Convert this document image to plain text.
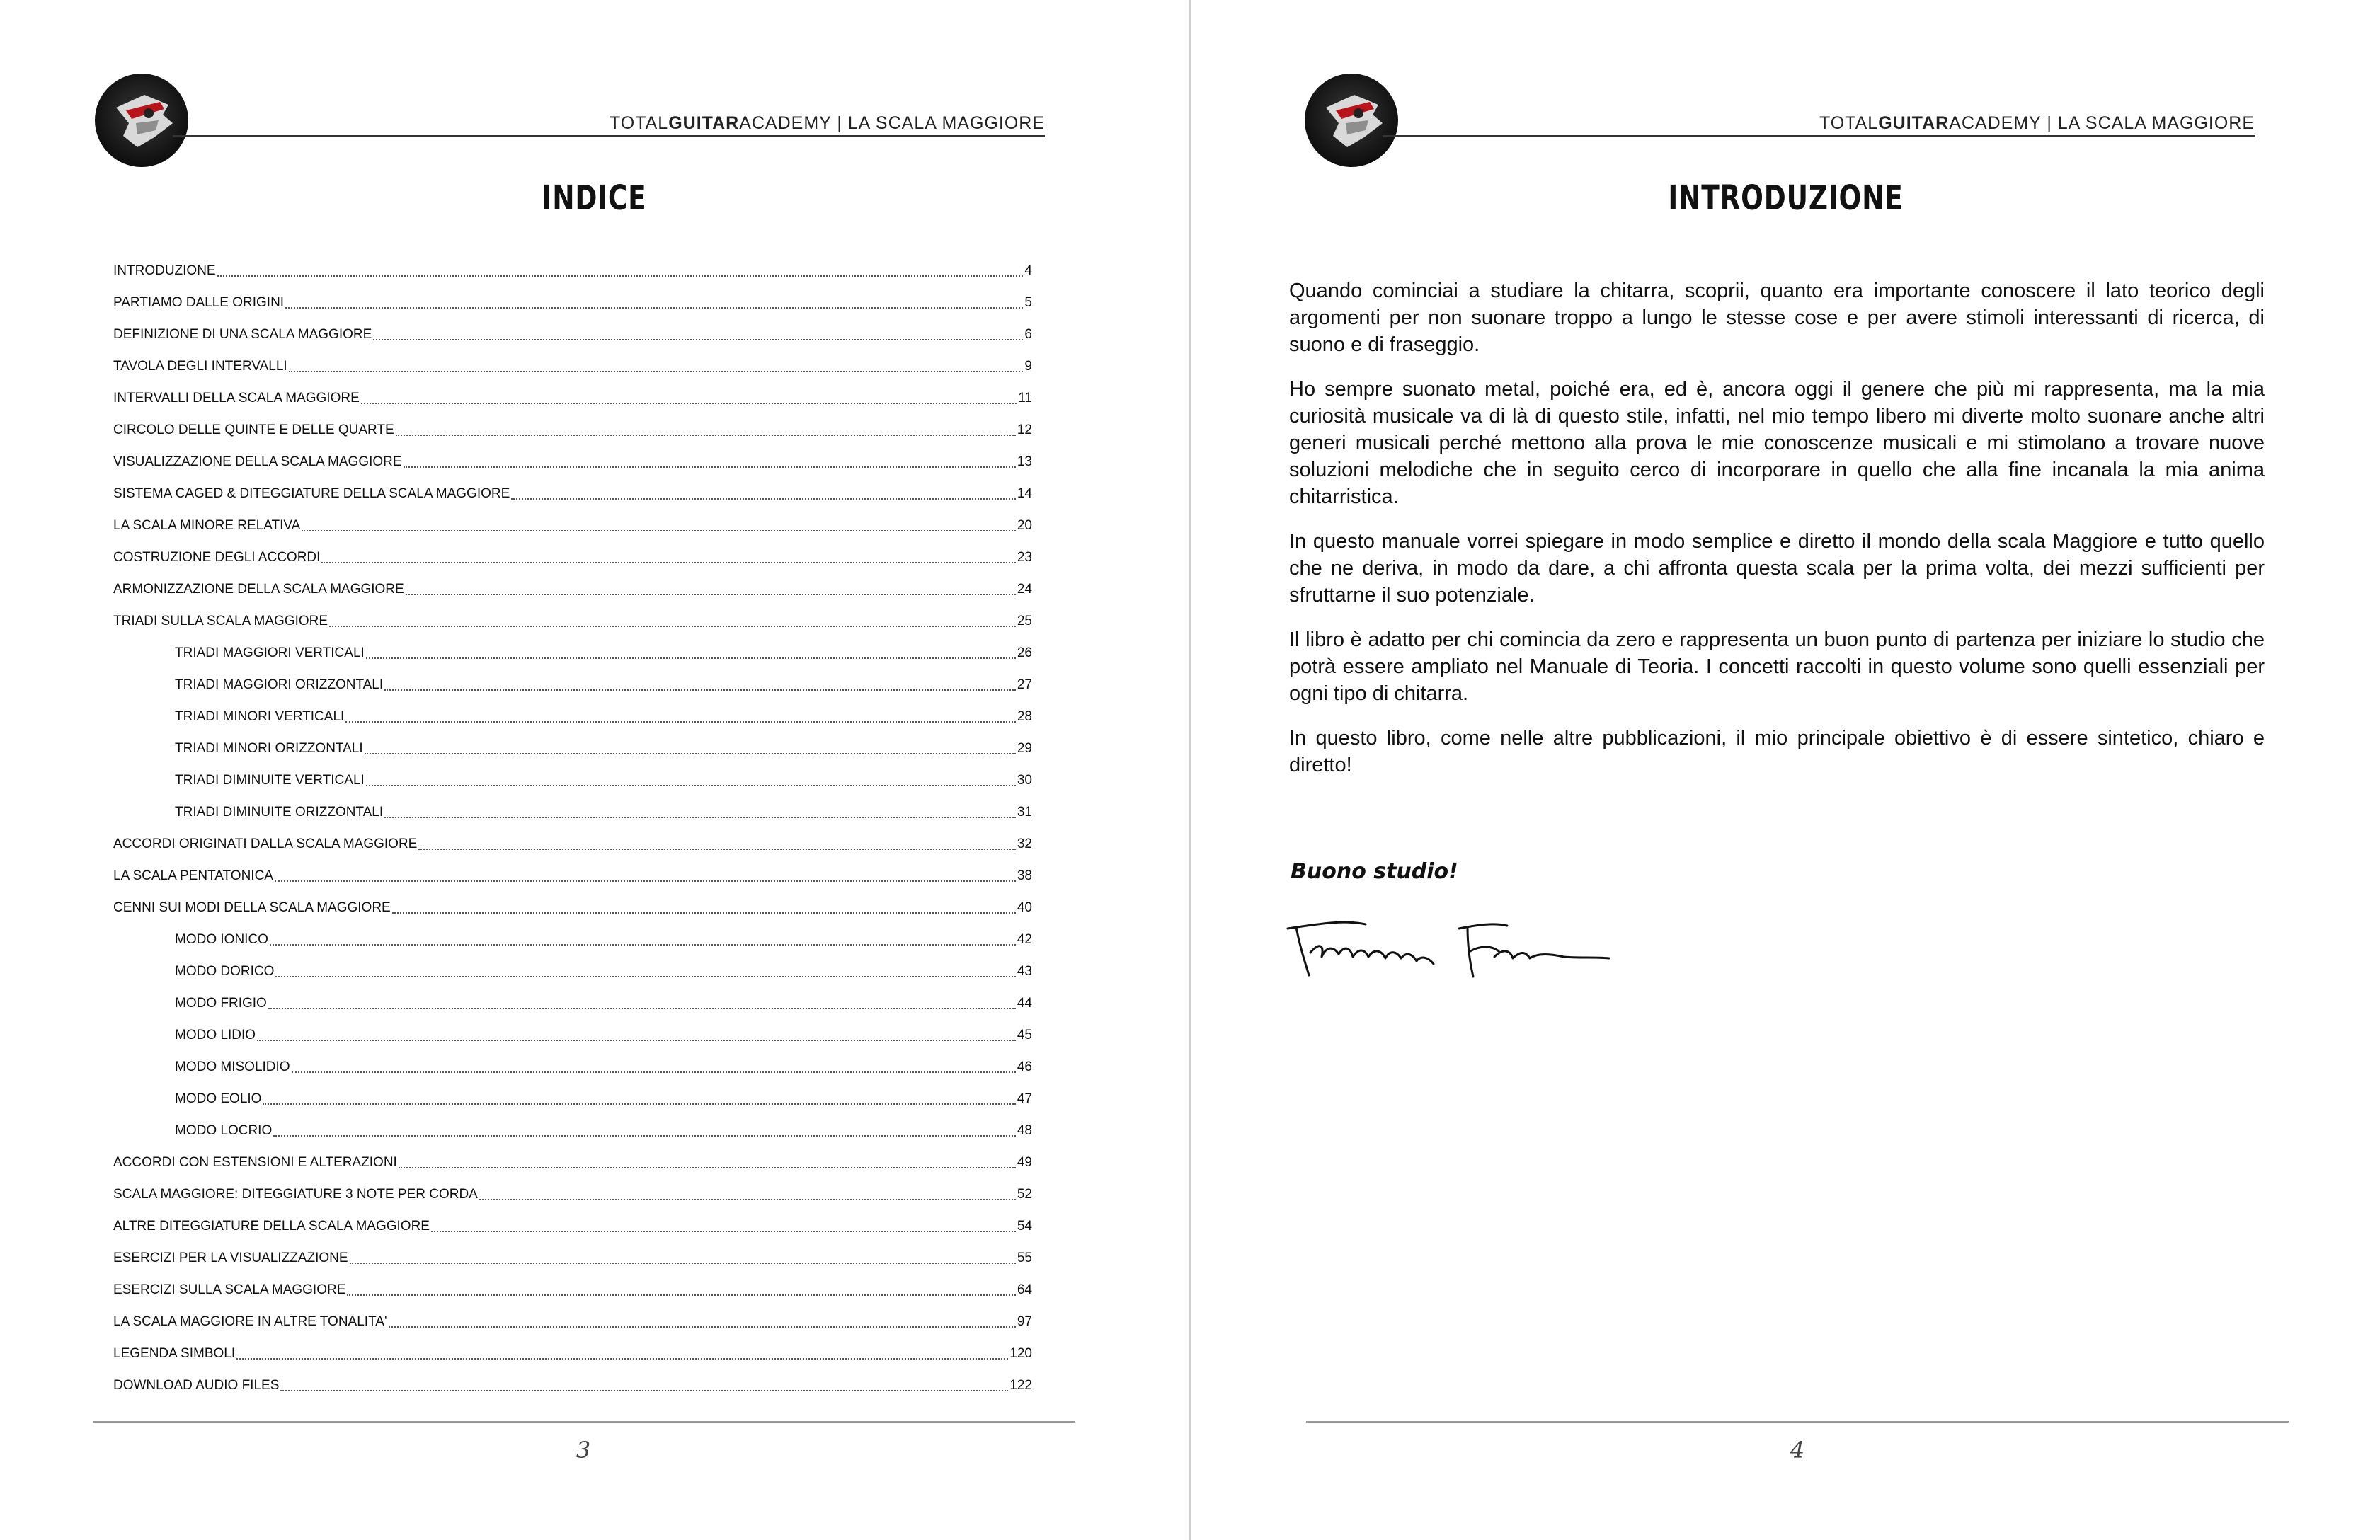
TOTALGUITARACADEMY | LA SCALA MAGGIORE
INDICE
INTRODUZIONE	4
PARTIAMO DALLE ORIGINI	5
DEFINIZIONE DI UNA SCALA MAGGIORE	6
TAVOLA DEGLI INTERVALLI	9
INTERVALLI DELLA SCALA MAGGIORE	11
CIRCOLO DELLE QUINTE E DELLE QUARTE	12
VISUALIZZAZIONE DELLA SCALA MAGGIORE	13
SISTEMA CAGED & DITEGGIATURE DELLA SCALA MAGGIORE	14
LA SCALA MINORE RELATIVA	20
COSTRUZIONE DEGLI ACCORDI	23
ARMONIZZAZIONE DELLA SCALA MAGGIORE	24
TRIADI SULLA SCALA MAGGIORE	25
TRIADI MAGGIORI VERTICALI	26
TRIADI MAGGIORI ORIZZONTALI	27
TRIADI MINORI VERTICALI	28
TRIADI MINORI ORIZZONTALI	29
TRIADI DIMINUITE VERTICALI	30
TRIADI DIMINUITE ORIZZONTALI	31
ACCORDI ORIGINATI DALLA SCALA MAGGIORE	32
LA SCALA PENTATONICA	38
CENNI SUI MODI DELLA SCALA MAGGIORE	40
MODO IONICO	42
MODO DORICO	43
MODO FRIGIO	44
MODO LIDIO	45
MODO MISOLIDIO	46
MODO EOLIO	47
MODO LOCRIO	48
ACCORDI CON ESTENSIONI E ALTERAZIONI	49
SCALA MAGGIORE: DITEGGIATURE 3 NOTE PER CORDA	52
ALTRE DITEGGIATURE DELLA SCALA MAGGIORE	54
ESERCIZI PER LA VISUALIZZAZIONE	55
ESERCIZI SULLA SCALA MAGGIORE	64
LA SCALA MAGGIORE IN ALTRE TONALITA'	97
LEGENDA SIMBOLI	120
DOWNLOAD AUDIO FILES	122
3
TOTALGUITARACADEMY | LA SCALA MAGGIORE
INTRODUZIONE

Quando cominciai a studiare la chitarra, scoprii, quanto era importante conoscere il lato teorico degli argomenti per non suonare troppo a lungo le stesse cose e per avere stimoli interessanti di ricerca, di suono e di fraseggio.

Ho sempre suonato metal, poiché era, ed è, ancora oggi il genere che più mi rappresenta, ma la mia curiosità musicale va di là di questo stile, infatti, nel mio tempo libero mi diverte molto suonare anche altri generi musicali perché mettono alla prova le mie conoscenze musicali e mi stimolano a trovare nuove soluzioni melodiche che in seguito cerco di incorporare in quello che alla fine incanala la mia anima chitarristica.

In questo manuale vorrei spiegare in modo semplice e diretto il mondo della scala Maggiore e tutto quello che ne deriva, in modo da dare, a chi affronta questa scala per la prima volta, dei mezzi sufficienti per sfruttarne il suo potenziale.

Il libro è adatto per chi comincia da zero e rappresenta un buon punto di partenza per iniziare lo studio che potrà essere ampliato nel Manuale di Teoria. I concetti raccolti in questo volume sono quelli essenziali per ogni tipo di chitarra.

In questo libro, come nelle altre pubblicazioni, il mio principale obiettivo è di essere sintetico, chiaro e diretto!

Buono studio!
4
